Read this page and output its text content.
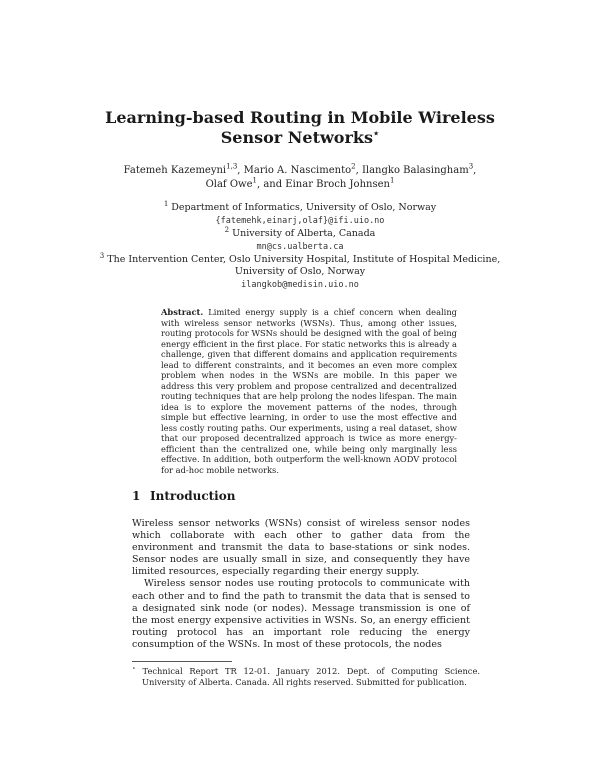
Learning-based Routing in Mobile Wireless
Sensor Networks⋆
Fatemeh Kazemeyni$^{1,3}$, Mario A. Nascimento$^2$, Ilangko Balasingham$^3$,
Olaf Owe$^1$, and Einar Broch Johnsen$^1$
$^1$ Department of Informatics, University of Oslo, Norway
{fatemehk,einarj,olaf}@ifi.uio.no
$^2$ University of Alberta, Canada
mn@cs.ualberta.ca
$^3$ The Intervention Center, Oslo University Hospital, Institute of Hospital Medicine,
University of Oslo, Norway
ilangkob@medisin.uio.no
Abstract. Limited energy supply is a chief concern when dealing with wireless sensor networks (WSNs). Thus, among other issues, routing protocols for WSNs should be designed with the goal of being energy efficient in the first place. For static networks this is already a challenge, given that different domains and application requirements lead to different constraints, and it becomes an even more complex problem when nodes in the WSNs are mobile. In this paper we address this very problem and propose centralized and decentralized routing techniques that are help prolong the nodes lifespan. The main idea is to explore the movement patterns of the nodes, through simple but effective learning, in order to use the most effective and less costly routing paths. Our experiments, using a real dataset, show that our proposed decentralized approach is twice as more energy-efficient than the centralized one, while being only marginally less effective. In addition, both outperform the well-known AODV protocol for ad-hoc mobile networks.
1 Introduction

Wireless sensor networks (WSNs) consist of wireless sensor nodes which collaborate with each other to gather data from the environment and transmit the data to base-stations or sink nodes. Sensor nodes are usually small in size, and consequently they have limited resources, especially regarding their energy supply.

Wireless sensor nodes use routing protocols to communicate with each other and to find the path to transmit the data that is sensed to a designated sink node (or nodes). Message transmission is one of the most energy expensive activities in WSNs. So, an energy efficient routing protocol has an important role reducing the energy consumption of the WSNs. In most of these protocols, the nodes

⋆ Technical Report TR 12-01. January 2012. Dept. of Computing Science. University of Alberta. Canada. All rights reserved. Submitted for publication.
